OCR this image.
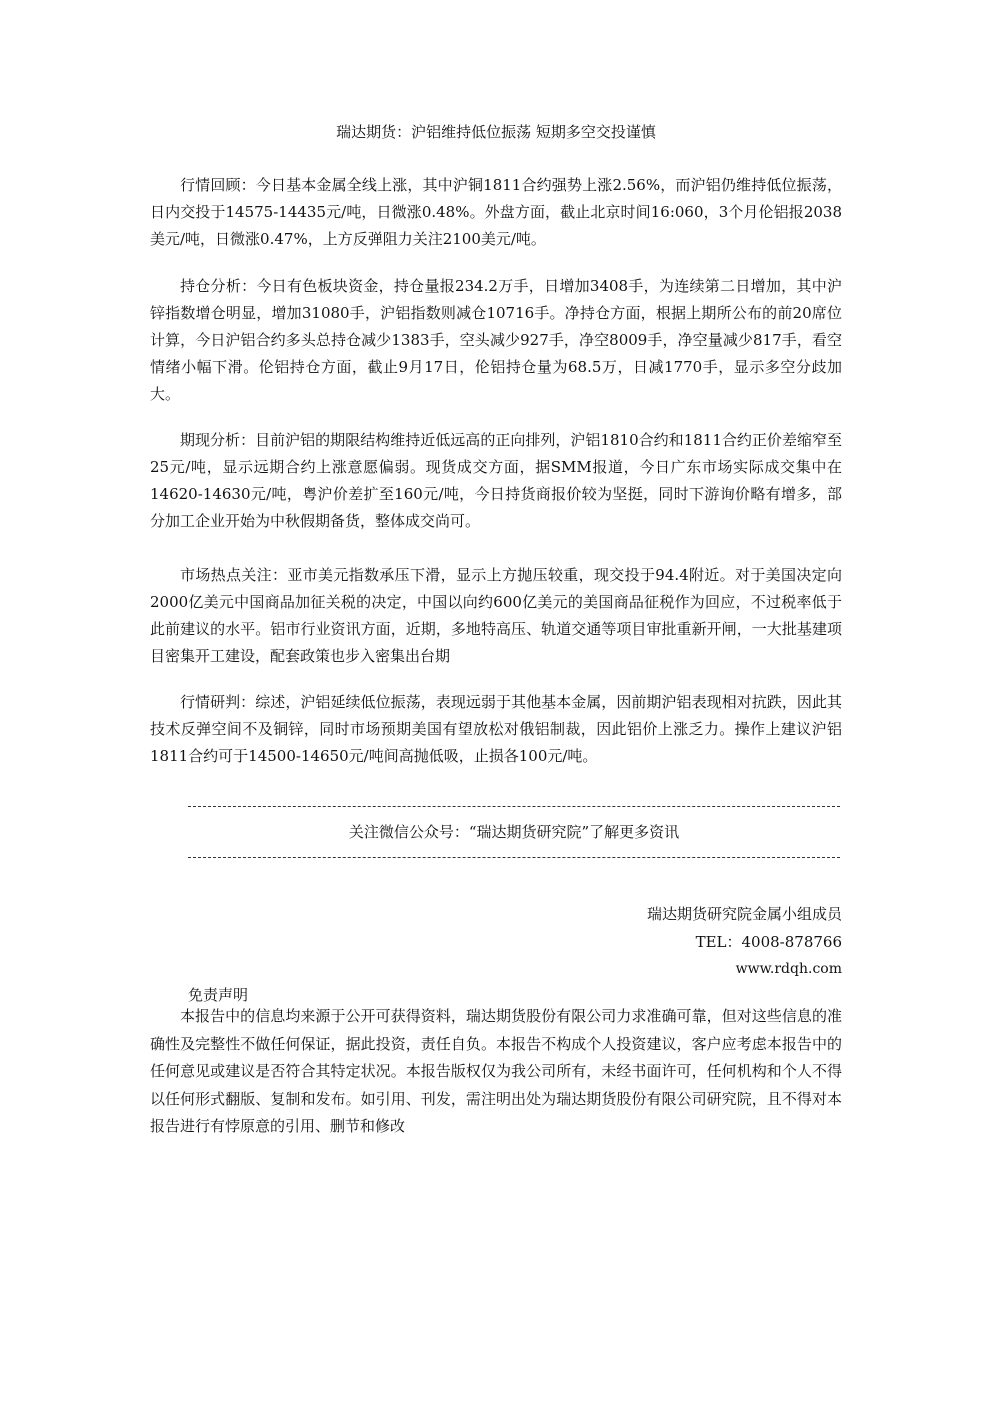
瑞达期货：沪铝维持低位振荡 短期多空交投谨慎

行情回顾：今日基本金属全线上涨，其中沪铜1811合约强势上涨2.56%，而沪铝仍维持低位振荡，日内交投于14575-14435元/吨，日微涨0.48%。外盘方面，截止北京时间16:060，3个月伦铝报2038美元/吨，日微涨0.47%，上方反弹阻力关注2100美元/吨。

持仓分析：今日有色板块资金，持仓量报234.2万手，日增加3408手，为连续第二日增加，其中沪锌指数增仓明显，增加31080手，沪铝指数则减仓10716手。净持仓方面，根据上期所公布的前20席位计算，今日沪铝合约多头总持仓减少1383手，空头减少927手，净空8009手，净空量减少817手，看空情绪小幅下滑。伦铝持仓方面，截止9月17日，伦铝持仓量为68.5万，日减1770手，显示多空分歧加大。

期现分析：目前沪铝的期限结构维持近低远高的正向排列，沪铝1810合约和1811合约正价差缩窄至25元/吨，显示远期合约上涨意愿偏弱。现货成交方面，据SMM报道，今日广东市场实际成交集中在14620-14630元/吨，粤沪价差扩至160元/吨，今日持货商报价较为坚挺，同时下游询价略有增多，部分加工企业开始为中秋假期备货，整体成交尚可。

市场热点关注：亚市美元指数承压下滑，显示上方抛压较重，现交投于94.4附近。对于美国决定向2000亿美元中国商品加征关税的决定，中国以向约600亿美元的美国商品征税作为回应，不过税率低于此前建议的水平。铝市行业资讯方面，近期，多地特高压、轨道交通等项目审批重新开闸，一大批基建项目密集开工建设，配套政策也步入密集出台期

行情研判：综述，沪铝延续低位振荡，表现远弱于其他基本金属，因前期沪铝表现相对抗跌，因此其技术反弹空间不及铜锌，同时市场预期美国有望放松对俄铝制裁，因此铝价上涨乏力。操作上建议沪铝1811合约可于14500-14650元/吨间高抛低吸，止损各100元/吨。

关注微信公众号：“瑞达期货研究院”了解更多资讯
瑞达期货研究院金属小组成员
TEL：4008-878766
www.rdqh.com
免责声明

本报告中的信息均来源于公开可获得资料，瑞达期货股份有限公司力求准确可靠，但对这些信息的准确性及完整性不做任何保证，据此投资，责任自负。本报告不构成个人投资建议，客户应考虑本报告中的任何意见或建议是否符合其特定状况。本报告版权仅为我公司所有，未经书面许可，任何机构和个人不得以任何形式翻版、复制和发布。如引用、刊发，需注明出处为瑞达期货股份有限公司研究院，且不得对本报告进行有悖原意的引用、删节和修改
